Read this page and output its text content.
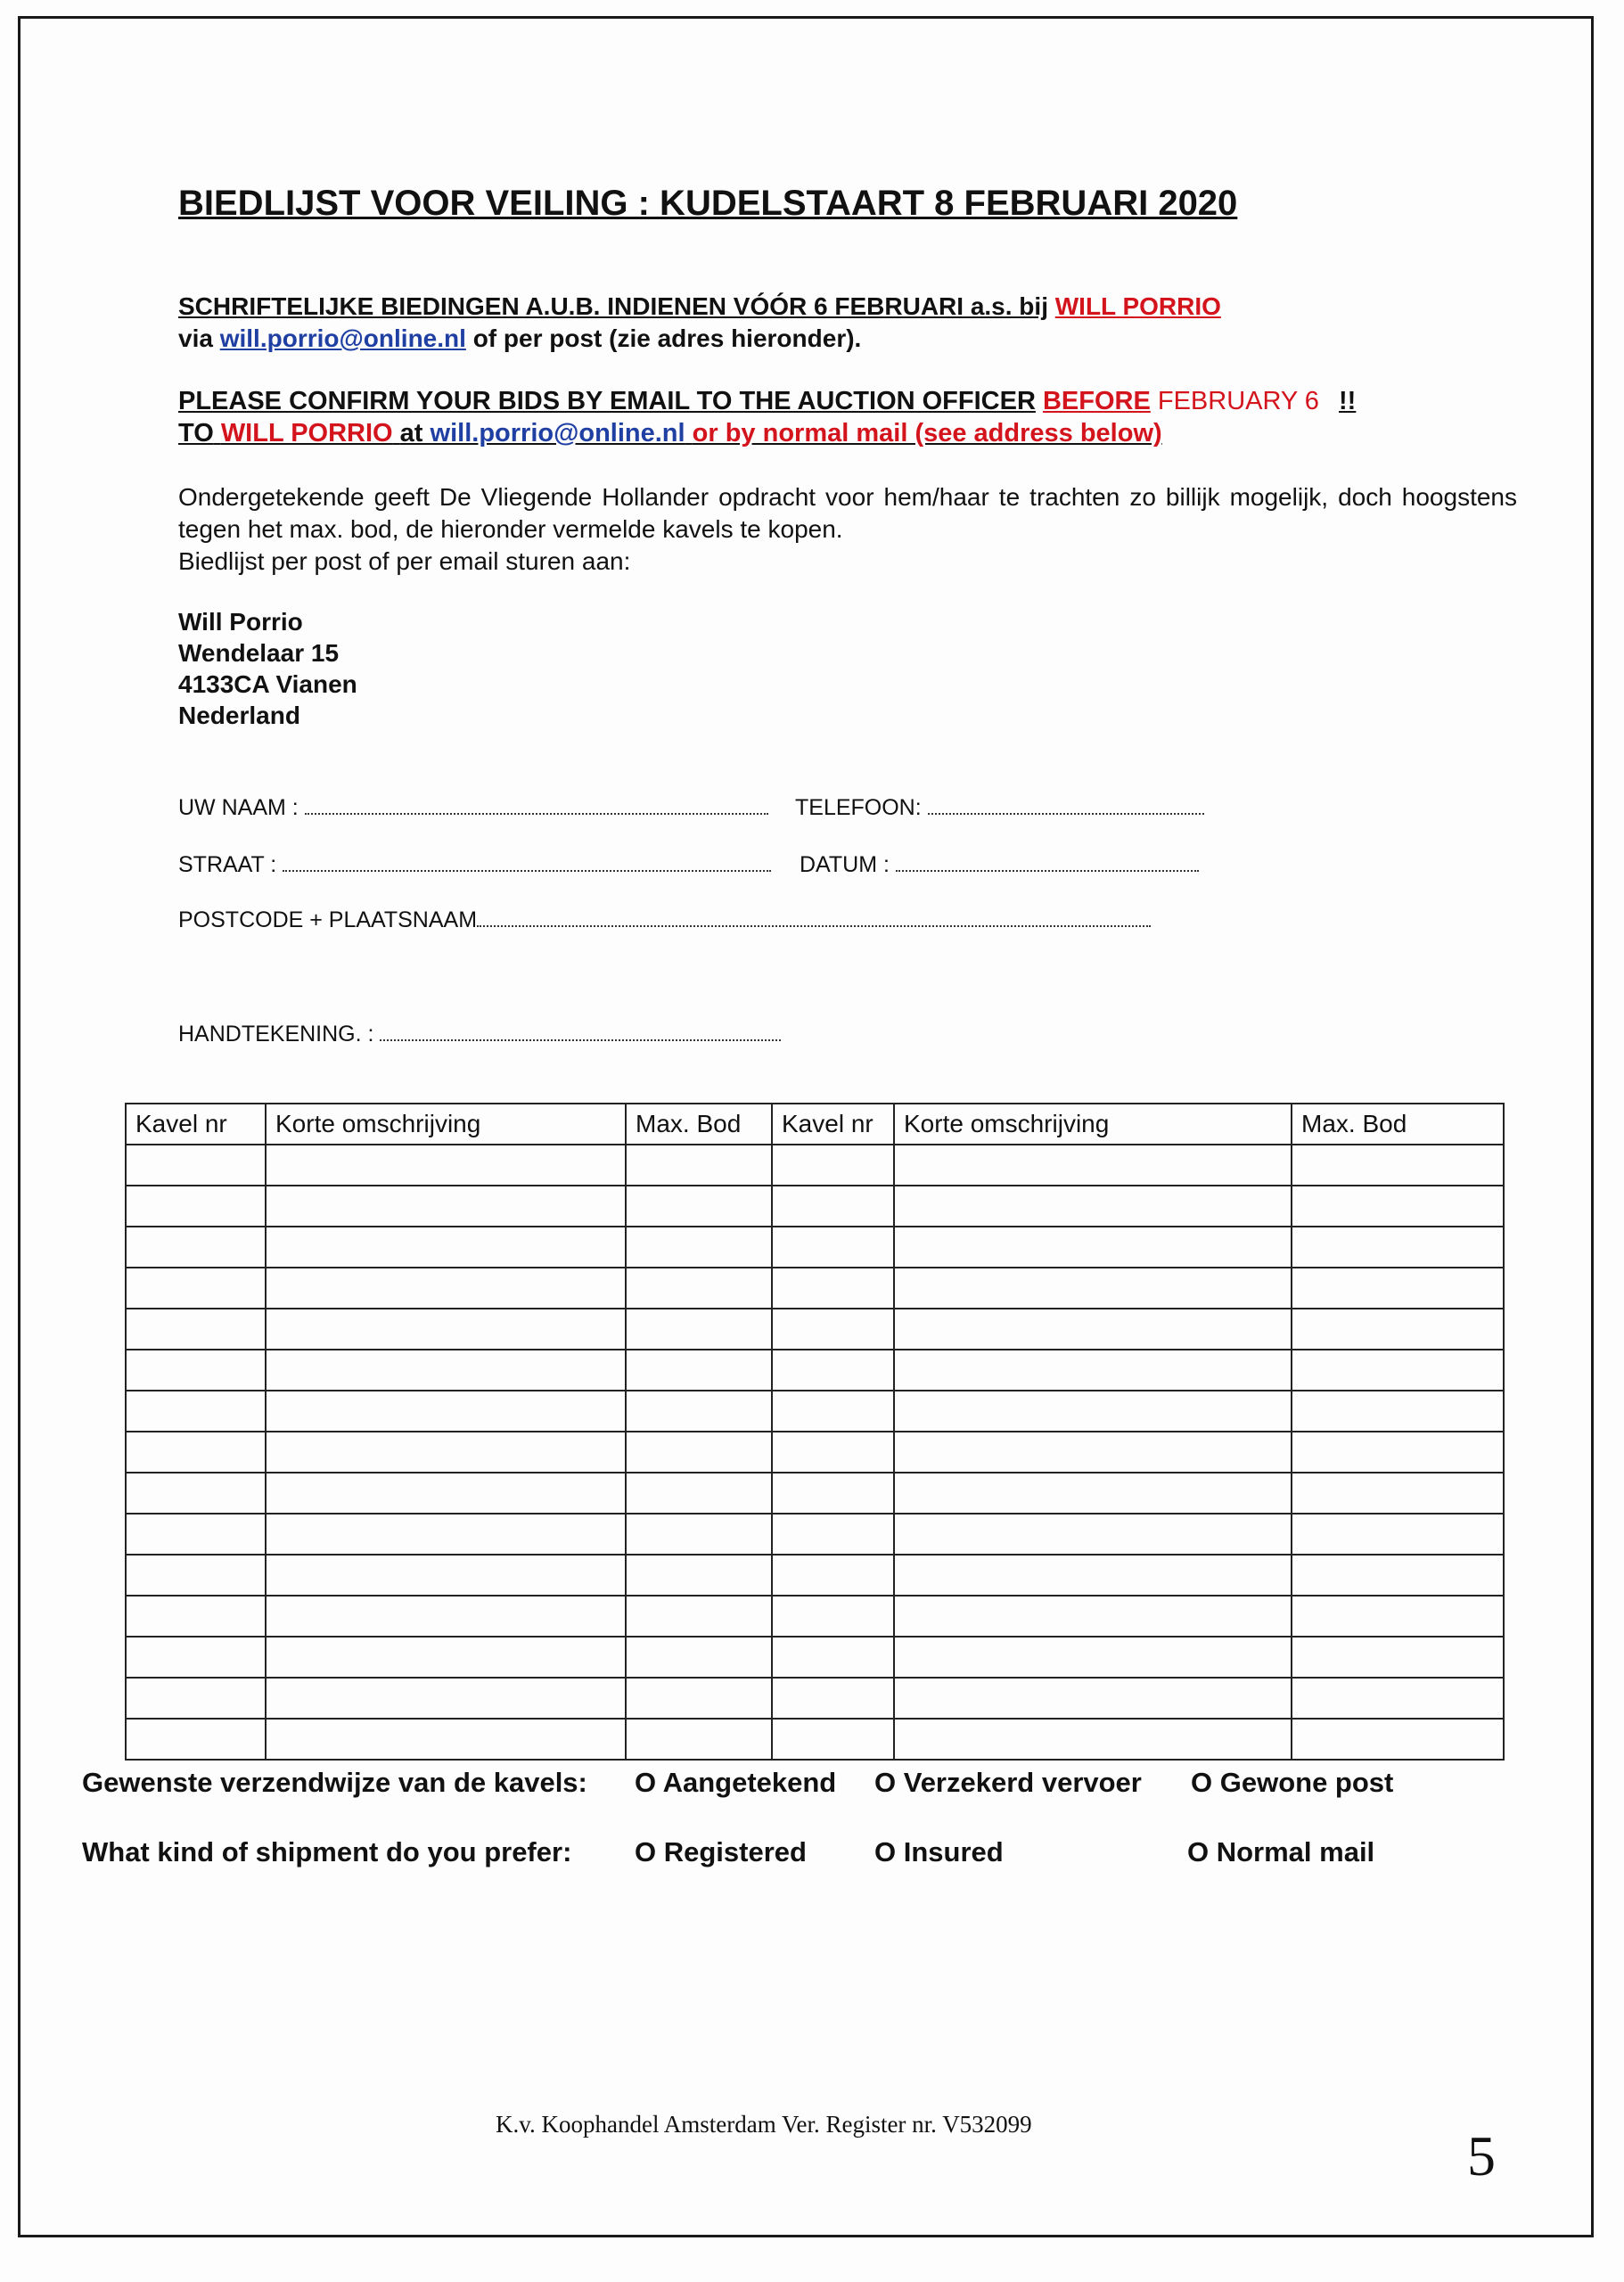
BIEDLIJST VOOR VEILING : KUDELSTAART 8 FEBRUARI 2020
SCHRIFTELIJKE BIEDINGEN A.U.B. INDIENEN VÓÓR 6 FEBRUARI a.s. bij WILL PORRIO
via will.porrio@online.nl of per post (zie adres hieronder).
PLEASE CONFIRM YOUR BIDS BY EMAIL TO THE AUCTION OFFICER BEFORE FEBRUARY 6 !!
TO WILL PORRIO at will.porrio@online.nl or by normal mail (see address below)

Ondergetekende geeft De Vliegende Hollander opdracht voor hem/haar te trachten zo billijk mogelijk, doch hoogstens tegen het max. bod, de hieronder vermelde kavels te kopen.

Biedlijst per post of per email sturen aan:

Will Porrio
Wendelaar 15
4133CA Vianen
Nederland
UW NAAM :	TELEFOON:
STRAAT :	DATUM :
POSTCODE + PLAATSNAAM
HANDTEKENING. :
Kavel nr	Korte omschrijving	Max. Bod	Kavel nr	Korte omschrijving	Max. Bod

Gewenste verzendwijze van de kavels: O Aangetekend O Verzekerd vervoer O Gewone post
What kind of shipment do you prefer: O Registered O Insured	O Normal mail
K.v. Koophandel Amsterdam Ver. Register nr. V532099	5
